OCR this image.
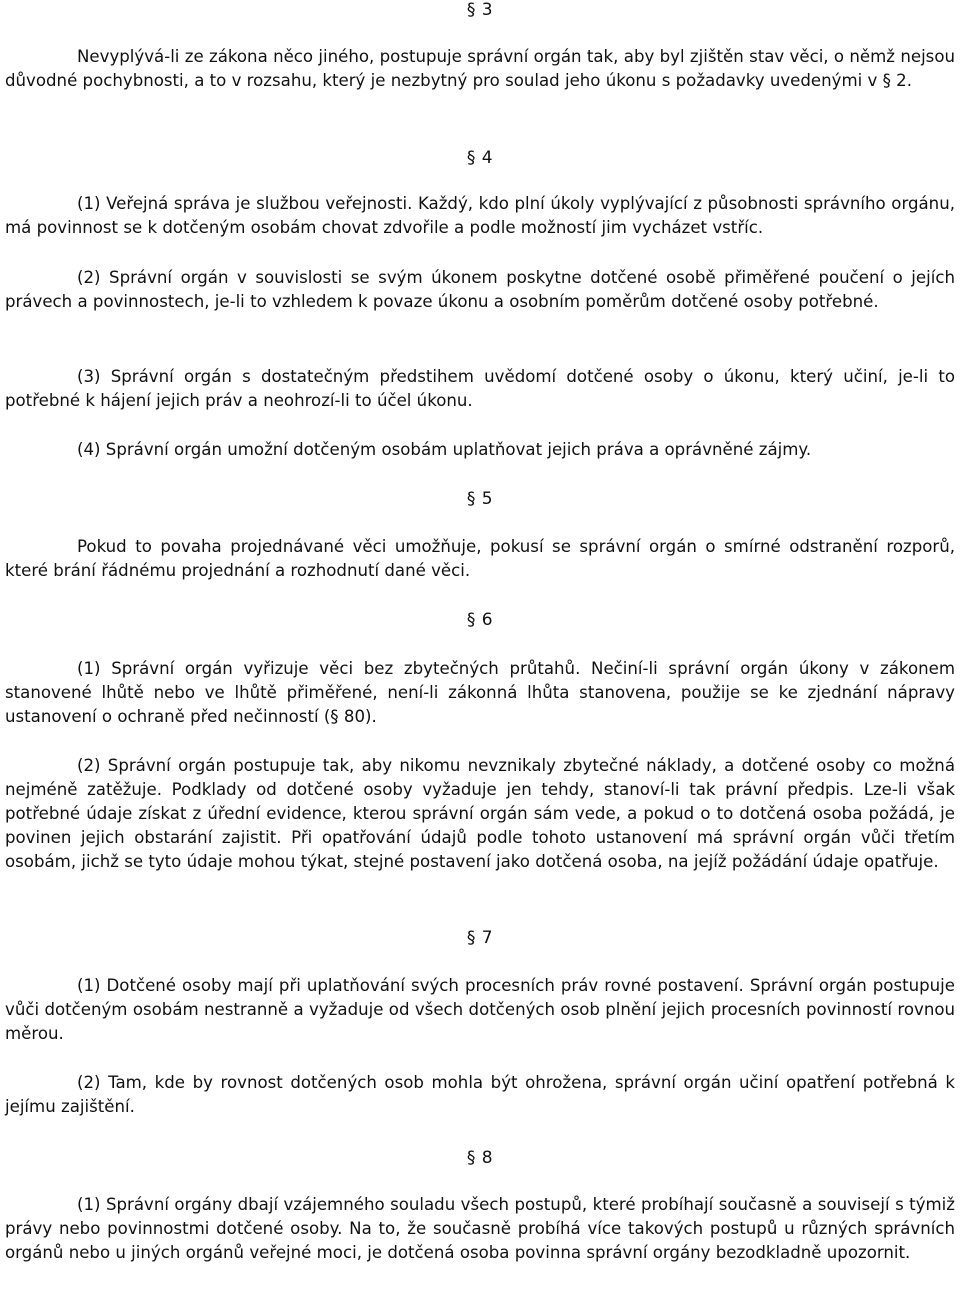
§ 3

Nevyplývá-li ze zákona něco jiného, postupuje správní orgán tak, aby byl zjištěn stav věci, o němž nejsou důvodné pochybnosti, a to v rozsahu, který je nezbytný pro soulad jeho úkonu s požadavky uvedenými v § 2.

§ 4

(1) Veřejná správa je službou veřejnosti. Každý, kdo plní úkoly vyplývající z působnosti správního orgánu, má povinnost se k dotčeným osobám chovat zdvořile a podle možností jim vycházet vstříc.

(2) Správní orgán v souvislosti se svým úkonem poskytne dotčené osobě přiměřené poučení o jejích právech a povinnostech, je-li to vzhledem k povaze úkonu a osobním poměrům dotčené osoby potřebné.

(3) Správní orgán s dostatečným předstihem uvědomí dotčené osoby o úkonu, který učiní, je-li to potřebné k hájení jejich práv a neohrozí-li to účel úkonu.

(4) Správní orgán umožní dotčeným osobám uplatňovat jejich práva a oprávněné zájmy.

§ 5

Pokud to povaha projednávané věci umožňuje, pokusí se správní orgán o smírné odstranění rozporů, které brání řádnému projednání a rozhodnutí dané věci.

§ 6

(1) Správní orgán vyřizuje věci bez zbytečných průtahů. Nečiní-li správní orgán úkony v zákonem stanovené lhůtě nebo ve lhůtě přiměřené, není-li zákonná lhůta stanovena, použije se ke zjednání nápravy ustanovení o ochraně před nečinností (§ 80).

(2) Správní orgán postupuje tak, aby nikomu nevznikaly zbytečné náklady, a dotčené osoby co možná nejméně zatěžuje. Podklady od dotčené osoby vyžaduje jen tehdy, stanoví-li tak právní předpis. Lze-li však potřebné údaje získat z úřední evidence, kterou správní orgán sám vede, a pokud o to dotčená osoba požádá, je povinen jejich obstarání zajistit. Při opatřování údajů podle tohoto ustanovení má správní orgán vůči třetím osobám, jichž se tyto údaje mohou týkat, stejné postavení jako dotčená osoba, na jejíž požádání údaje opatřuje.

§ 7

(1) Dotčené osoby mají při uplatňování svých procesních práv rovné postavení. Správní orgán postupuje vůči dotčeným osobám nestranně a vyžaduje od všech dotčených osob plnění jejich procesních povinností rovnou měrou.

(2) Tam, kde by rovnost dotčených osob mohla být ohrožena, správní orgán učiní opatření potřebná k jejímu zajištění.

§ 8

(1) Správní orgány dbají vzájemného souladu všech postupů, které probíhají současně a souvisejí s týmiž právy nebo povinnostmi dotčené osoby. Na to, že současně probíhá více takových postupů u různých správních orgánů nebo u jiných orgánů veřejné moci, je dotčená osoba povinna správní orgány bezodkladně upozornit.
